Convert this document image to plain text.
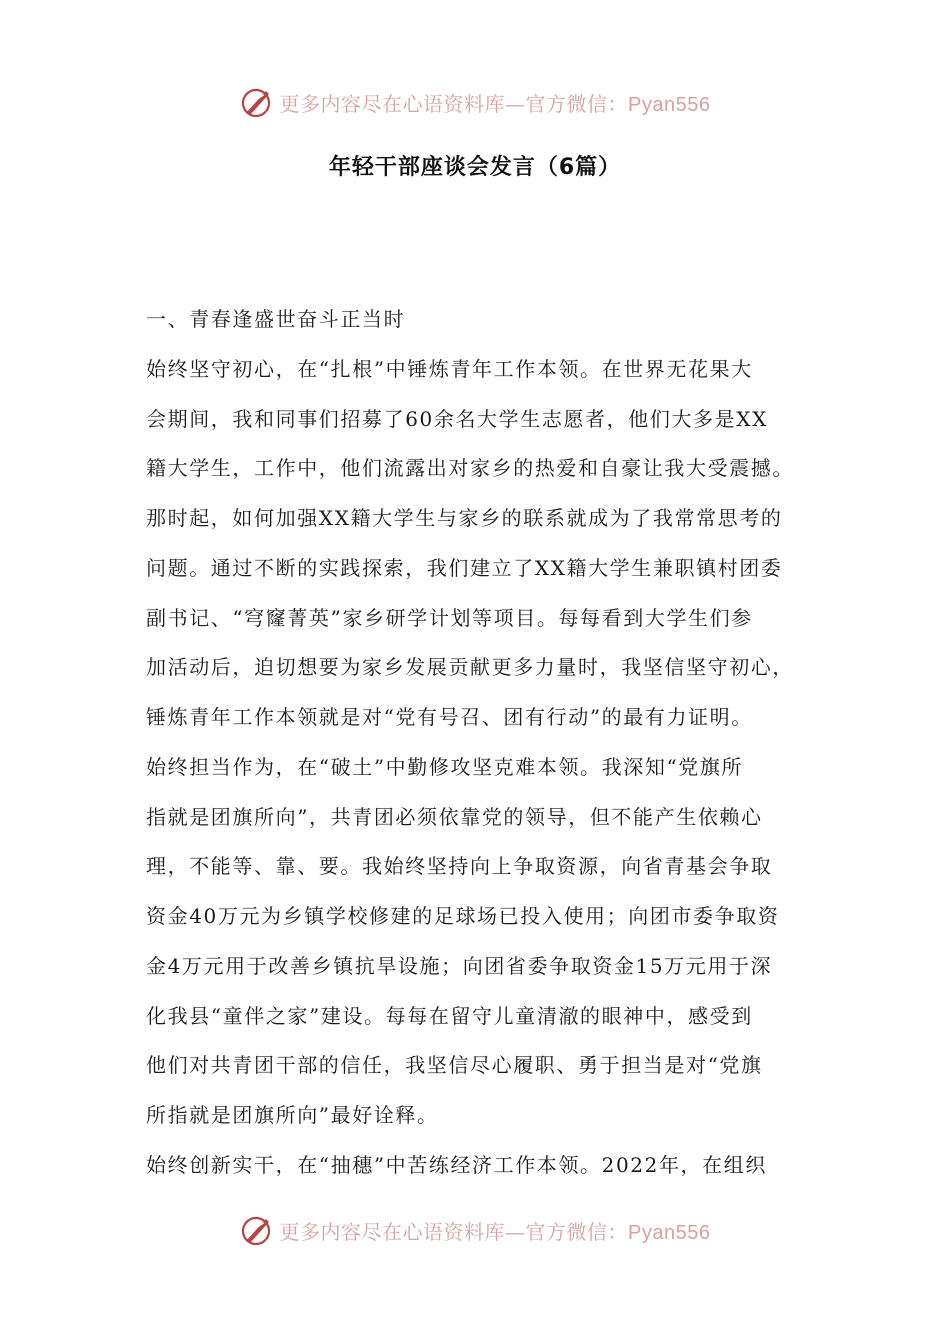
更多内容尽在心语资料库—官方微信：Pyan556
年轻干部座谈会发言（6篇）
一、青春逢盛世奋斗正当时
始终坚守初心，在“扎根”中锤炼青年工作本领。在世界无花果大
会期间，我和同事们招募了60余名大学生志愿者，他们大多是XX
籍大学生，工作中，他们流露出对家乡的热爱和自豪让我大受震撼。
那时起，如何加强XX籍大学生与家乡的联系就成为了我常常思考的
问题。通过不断的实践探索，我们建立了XX籍大学生兼职镇村团委
副书记、“穹窿菁英”家乡研学计划等项目。每每看到大学生们参
加活动后，迫切想要为家乡发展贡献更多力量时，我坚信坚守初心，
锤炼青年工作本领就是对“党有号召、团有行动”的最有力证明。
始终担当作为，在“破土”中勤修攻坚克难本领。我深知“党旗所
指就是团旗所向”，共青团必须依靠党的领导，但不能产生依赖心
理，不能等、靠、要。我始终坚持向上争取资源，向省青基会争取
资金40万元为乡镇学校修建的足球场已投入使用；向团市委争取资
金4万元用于改善乡镇抗旱设施；向团省委争取资金15万元用于深
化我县“童伴之家”建设。每每在留守儿童清澈的眼神中，感受到
他们对共青团干部的信任，我坚信尽心履职、勇于担当是对“党旗
所指就是团旗所向”最好诠释。
始终创新实干，在“抽穗”中苦练经济工作本领。2022年，在组织
更多内容尽在心语资料库—官方微信：Pyan556
